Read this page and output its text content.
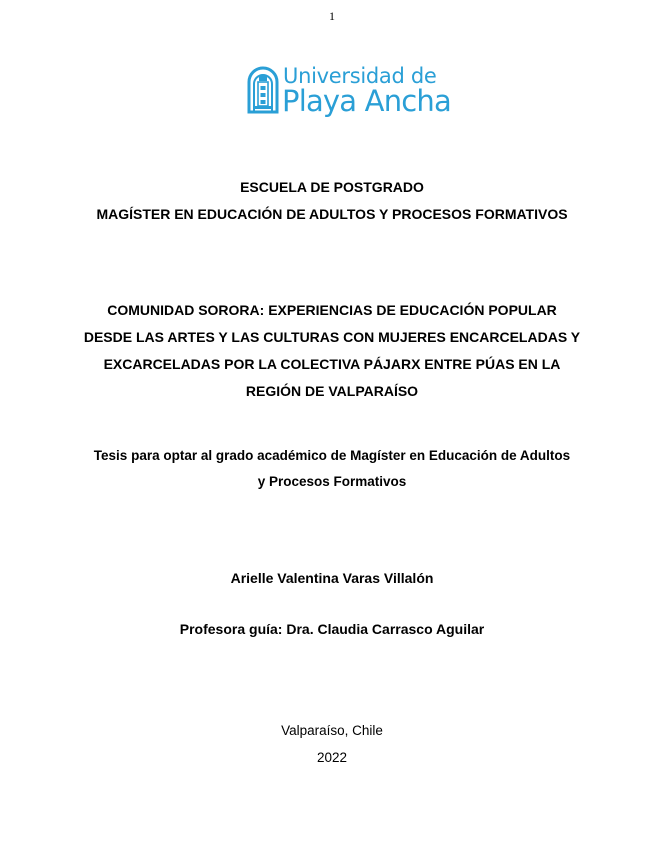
1
Universidad de
Playa Ancha
ESCUELA DE POSTGRADO
MAGÍSTER EN EDUCACIÓN DE ADULTOS Y PROCESOS FORMATIVOS
COMUNIDAD SORORA: EXPERIENCIAS DE EDUCACIÓN POPULAR
DESDE LAS ARTES Y LAS CULTURAS CON MUJERES ENCARCELADAS Y
EXCARCELADAS POR LA COLECTIVA PÁJARX ENTRE PÚAS EN LA
REGIÓN DE VALPARAÍSO
Tesis para optar al grado académico de Magíster en Educación de Adultos
y Procesos Formativos
Arielle Valentina Varas Villalón
Profesora guía: Dra. Claudia Carrasco Aguilar
Valparaíso, Chile
2022
